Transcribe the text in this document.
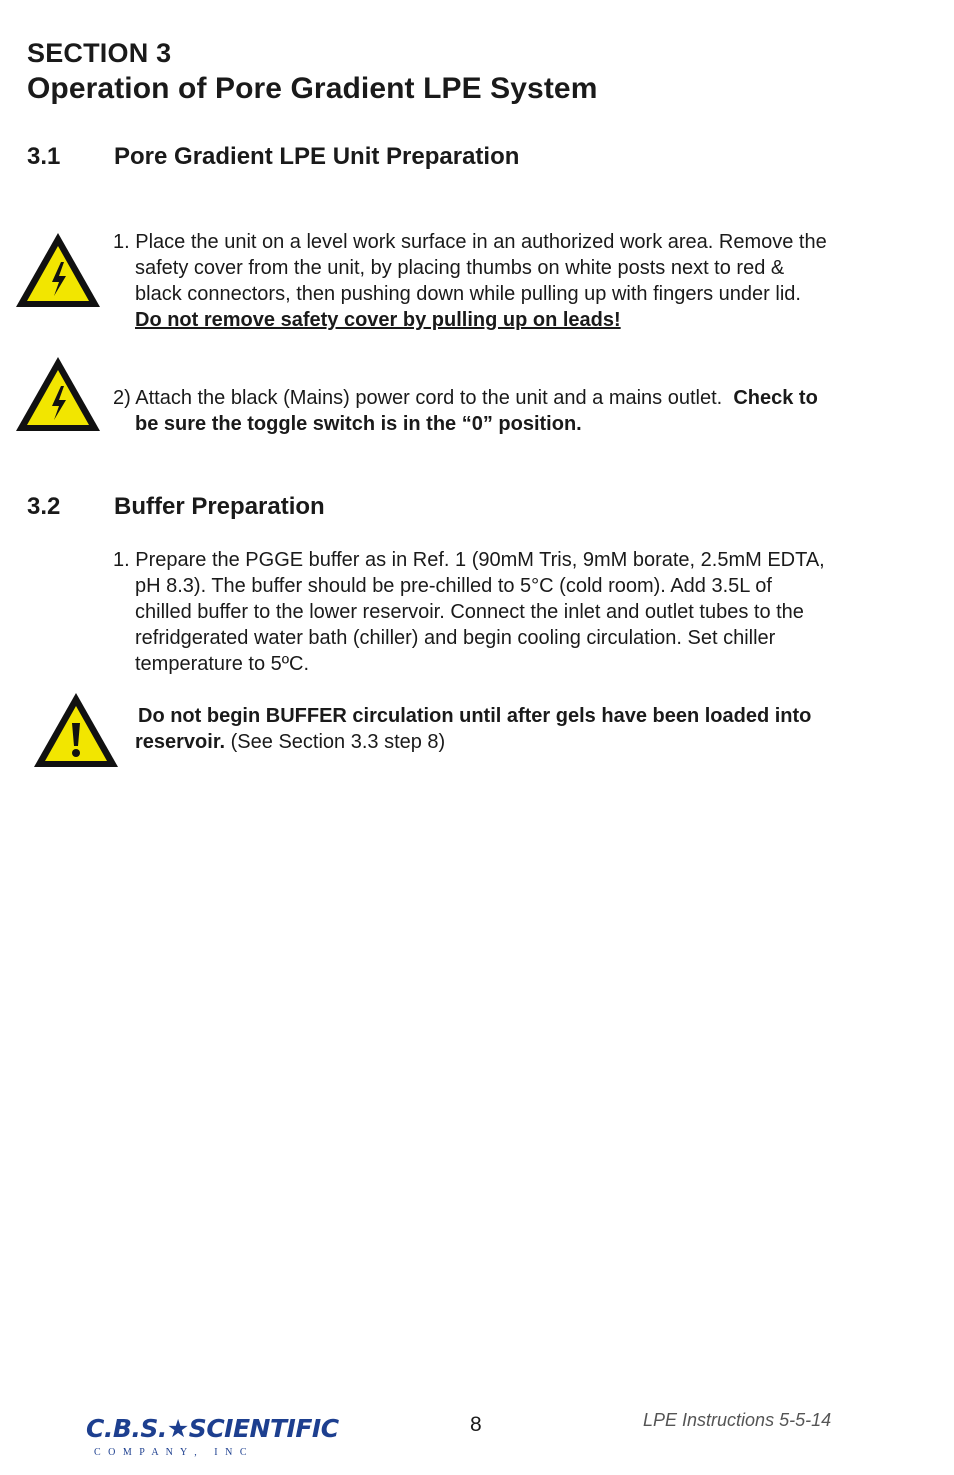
SECTION 3
Operation of Pore Gradient LPE System
3.1 Pore Gradient LPE Unit Preparation
1. Place the unit on a level work surface in an authorized work area. Remove the
safety cover from the unit, by placing thumbs on white posts next to red &
black connectors, then pushing down while pulling up with fingers under lid.
Do not remove safety cover by pulling up on leads!
2) Attach the black (Mains) power cord to the unit and a mains outlet. Check to
be sure the toggle switch is in the “0” position.
3.2 Buffer Preparation
1. Prepare the PGGE buffer as in Ref. 1 (90mM Tris, 9mM borate, 2.5mM EDTA,
pH 8.3). The buffer should be pre-chilled to 5°C (cold room). Add 3.5L of
chilled buffer to the lower reservoir. Connect the inlet and outlet tubes to the
refridgerated water bath (chiller) and begin cooling circulation. Set chiller
temperature to 5ºC.
Do not begin BUFFER circulation until after gels have been loaded into
reservoir. (See Section 3.3 step 8)
C.B.S.★SCIENTIFIC
C O M P A N Y ,   I N C
8	LPE Instructions 5-5-14
